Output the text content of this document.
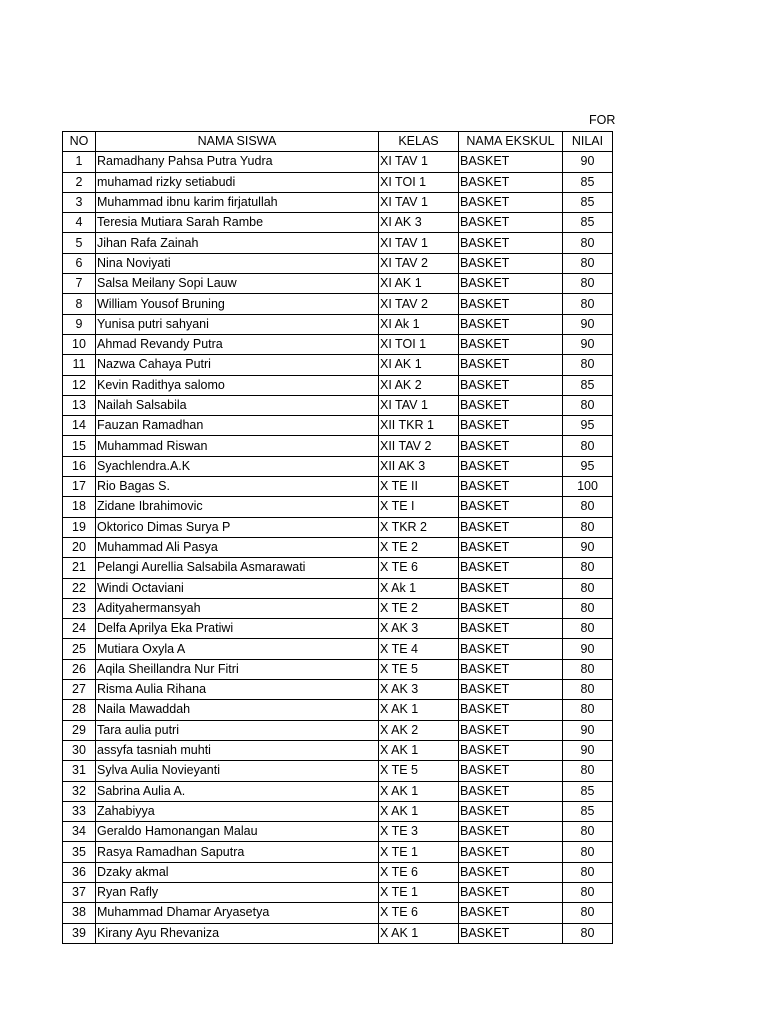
FOR
NO	NAMA SISWA	KELAS	NAMA EKSKUL	NILAI
1	Ramadhany Pahsa Putra Yudra	XI TAV 1	BASKET	90
2	muhamad rizky setiabudi	XI TOI 1	BASKET	85
3	Muhammad ibnu karim firjatullah	XI TAV 1	BASKET	85
4	Teresia Mutiara Sarah Rambe	XI AK 3	BASKET	85
5	Jihan Rafa Zainah	XI TAV 1	BASKET	80
6	Nina Noviyati	XI TAV 2	BASKET	80
7	Salsa Meilany Sopi Lauw	XI AK 1	BASKET	80
8	William Yousof Bruning	XI TAV 2	BASKET	80
9	Yunisa putri sahyani	XI Ak 1	BASKET	90
10	Ahmad Revandy Putra	XI TOI 1	BASKET	90
11	Nazwa Cahaya Putri	XI AK 1	BASKET	80
12	Kevin Radithya salomo	XI AK 2	BASKET	85
13	Nailah Salsabila	XI TAV 1	BASKET	80
14	Fauzan Ramadhan	XII TKR 1	BASKET	95
15	Muhammad Riswan	XII TAV 2	BASKET	80
16	Syachlendra.A.K	XII AK 3	BASKET	95
17	Rio Bagas S.	X TE II	BASKET	100
18	Zidane Ibrahimovic	X TE I	BASKET	80
19	Oktorico Dimas Surya P	X TKR 2	BASKET	80
20	Muhammad Ali Pasya	X TE 2	BASKET	90
21	Pelangi Aurellia Salsabila Asmarawati	X TE 6	BASKET	80
22	Windi Octaviani	X Ak 1	BASKET	80
23	Adityahermansyah	X TE 2	BASKET	80
24	Delfa Aprilya Eka Pratiwi	X AK 3	BASKET	80
25	Mutiara Oxyla A	X TE 4	BASKET	90
26	Aqila Sheillandra Nur Fitri	X TE 5	BASKET	80
27	Risma Aulia Rihana	X AK 3	BASKET	80
28	Naila Mawaddah	X AK 1	BASKET	80
29	Tara aulia putri	X AK 2	BASKET	90
30	assyfa tasniah muhti	X AK 1	BASKET	90
31	Sylva Aulia Novieyanti	X TE 5	BASKET	80
32	Sabrina Aulia A.	X AK 1	BASKET	85
33	Zahabiyya	X AK 1	BASKET	85
34	Geraldo Hamonangan Malau	X TE 3	BASKET	80
35	Rasya Ramadhan Saputra	X TE 1	BASKET	80
36	Dzaky akmal	X TE 6	BASKET	80
37	Ryan Rafly	X TE 1	BASKET	80
38	Muhammad Dhamar Aryasetya	X TE 6	BASKET	80
39	Kirany Ayu Rhevaniza	X AK 1	BASKET	80
